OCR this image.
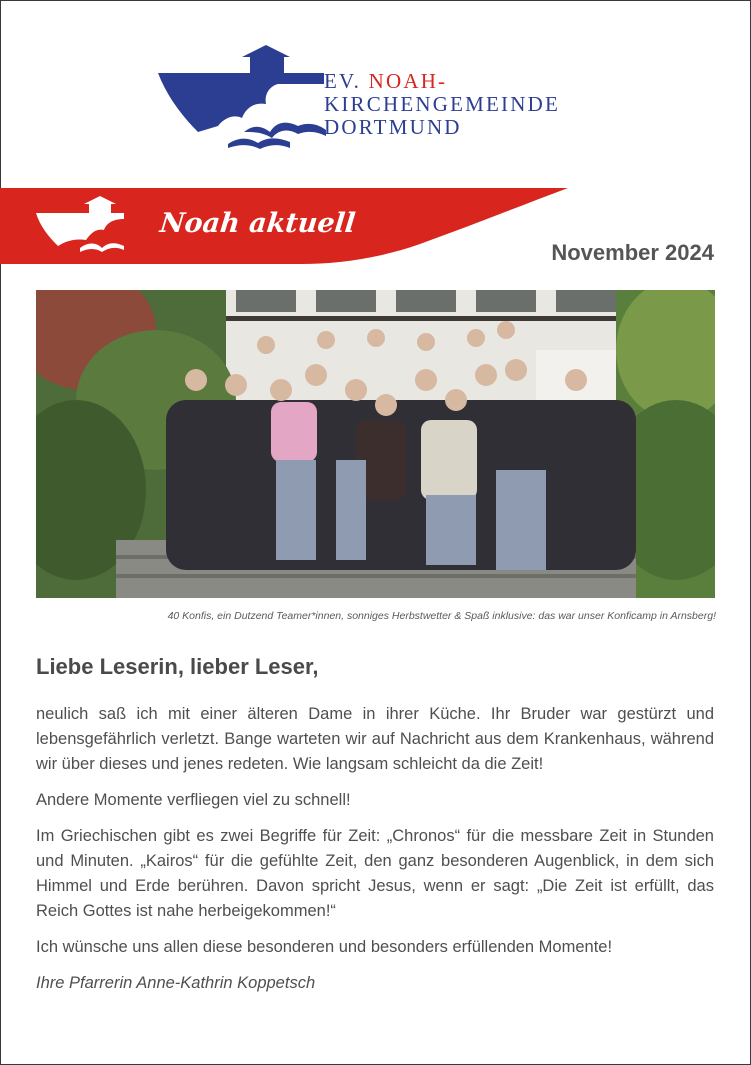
EV. NOAH-
KIRCHENGEMEINDE
DORTMUND
Noah aktuell
November 2024
40 Konfis, ein Dutzend Teamer*innen, sonniges Herbstwetter & Spaß inklusive: das war unser Konficamp in Arnsberg!
Liebe Leserin, lieber Leser,

neulich saß ich mit einer älteren Dame in ihrer Küche. Ihr Bruder war gestürzt und lebensgefährlich verletzt. Bange warteten wir auf Nachricht aus dem Krankenhaus, während wir über dieses und jenes redeten. Wie langsam schleicht da die Zeit!

Andere Momente verfliegen viel zu schnell!

Im Griechischen gibt es zwei Begriffe für Zeit: „Chronos“ für die messbare Zeit in Stunden und Minuten. „Kairos“ für die gefühlte Zeit, den ganz besonderen Augenblick, in dem sich Himmel und Erde berühren. Davon spricht Jesus, wenn er sagt: „Die Zeit ist erfüllt, das Reich Gottes ist nahe herbeigekommen!“

Ich wünsche uns allen diese besonderen und besonders erfüllenden Momente!

Ihre Pfarrerin Anne-Kathrin Koppetsch
